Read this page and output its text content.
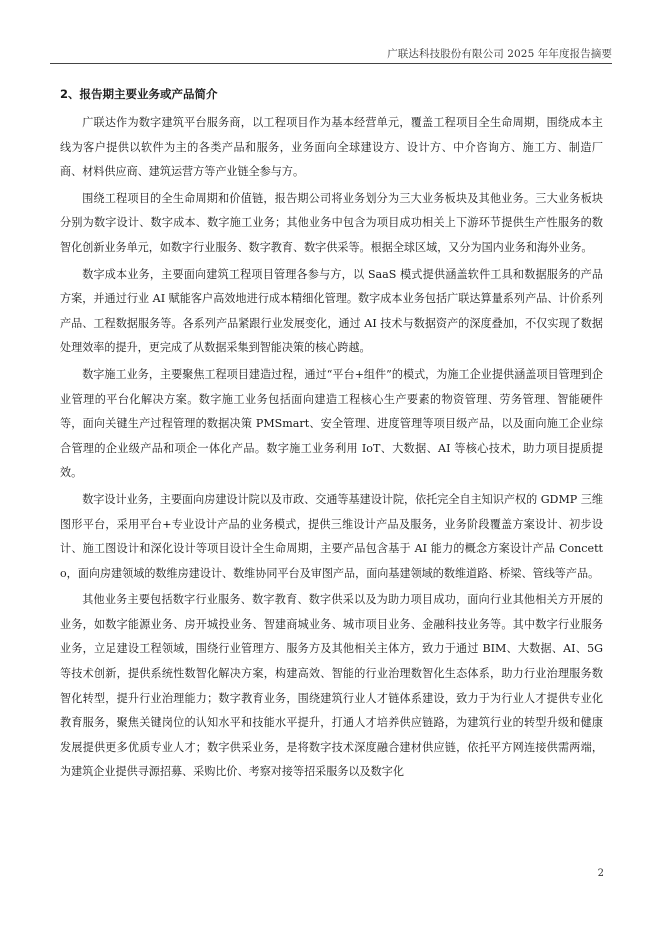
广联达科技股份有限公司 2025 年年度报告摘要
2、报告期主要业务或产品简介

广联达作为数字建筑平台服务商，以工程项目作为基本经营单元，覆盖工程项目全生命周期，围绕成本主线为客户提供以软件为主的各类产品和服务，业务面向全球建设方、设计方、中介咨询方、施工方、制造厂商、材料供应商、建筑运营方等产业链全参与方。

围绕工程项目的全生命周期和价值链，报告期公司将业务划分为三大业务板块及其他业务。三大业务板块分别为数字设计、数字成本、数字施工业务；其他业务中包含为项目成功相关上下游环节提供生产性服务的数智化创新业务单元，如数字行业服务、数字教育、数字供采等。根据全球区域，又分为国内业务和海外业务。

数字成本业务，主要面向建筑工程项目管理各参与方，以 SaaS 模式提供涵盖软件工具和数据服务的产品方案，并通过行业 AI 赋能客户高效地进行成本精细化管理。数字成本业务包括广联达算量系列产品、计价系列产品、工程数据服务等。各系列产品紧跟行业发展变化，通过 AI 技术与数据资产的深度叠加，不仅实现了数据处理效率的提升，更完成了从数据采集到智能决策的核心跨越。

数字施工业务，主要聚焦工程项目建造过程，通过“平台+组件”的模式，为施工企业提供涵盖项目管理到企业管理的平台化解决方案。数字施工业务包括面向建造工程核心生产要素的物资管理、劳务管理、智能硬件等，面向关键生产过程管理的数据决策 PMSmart、安全管理、进度管理等项目级产品，以及面向施工企业综合管理的企业级产品和项企一体化产品。数字施工业务利用 IoT、大数据、AI 等核心技术，助力项目提质提效。

数字设计业务，主要面向房建设计院以及市政、交通等基建设计院，依托完全自主知识产权的 GDMP 三维图形平台，采用平台+专业设计产品的业务模式，提供三维设计产品及服务，业务阶段覆盖方案设计、初步设计、施工图设计和深化设计等项目设计全生命周期，主要产品包含基于 AI 能力的概念方案设计产品 Concetto，面向房建领域的数维房建设计、数维协同平台及审图产品，面向基建领域的数维道路、桥梁、管线等产品。

其他业务主要包括数字行业服务、数字教育、数字供采以及为助力项目成功，面向行业其他相关方开展的业务，如数字能源业务、房开城投业务、智建商城业务、城市项目业务、金融科技业务等。其中数字行业服务业务，立足建设工程领域，围绕行业管理方、服务方及其他相关主体方，致力于通过 BIM、大数据、AI、5G 等技术创新，提供系统性数智化解决方案，构建高效、智能的行业治理数智化生态体系，助力行业治理服务数智化转型，提升行业治理能力；数字教育业务，围绕建筑行业人才链体系建设，致力于为行业人才提供专业化教育服务，聚焦关键岗位的认知水平和技能水平提升，打通人才培养供应链路，为建筑行业的转型升级和健康发展提供更多优质专业人才；数字供采业务，是将数字技术深度融合建材供应链，依托平方网连接供需两端，为建筑企业提供寻源招募、采购比价、考察对接等招采服务以及数字化

2
